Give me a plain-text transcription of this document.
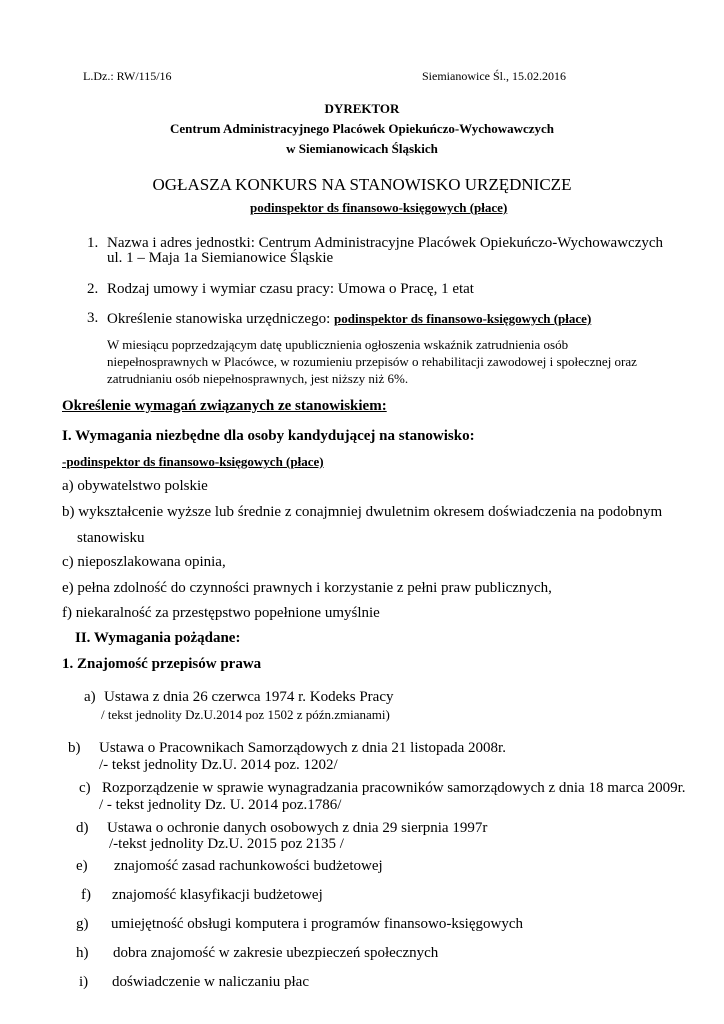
L.Dz.: RW/115/16	Siemianowice Śl., 15.02.2016
DYREKTOR
Centrum Administracyjnego Placówek Opiekuńczo-Wychowawczych
w Siemianowicach Śląskich
OGŁASZA KONKURS NA STANOWISKO URZĘDNICZE
podinspektor ds finansowo-księgowych (płace)
1. Nazwa i adres jednostki: Centrum Administracyjne Placówek Opiekuńczo-Wychowawczych
ul. 1 – Maja 1a Siemianowice Śląskie
2. Rodzaj umowy i wymiar czasu pracy: Umowa o Pracę, 1 etat
3. Określenie stanowiska urzędniczego: podinspektor ds finansowo-księgowych (płace)
W miesiącu poprzedzającym datę upublicznienia ogłoszenia wskaźnik zatrudnienia osób
niepełnosprawnych w Placówce, w rozumieniu przepisów o rehabilitacji zawodowej i społecznej oraz
zatrudnianiu osób niepełnosprawnych, jest niższy niż 6%.
Określenie wymagań związanych ze stanowiskiem:
I. Wymagania niezbędne dla osoby kandydującej na stanowisko:
-podinspektor ds finansowo-księgowych (płace)
a) obywatelstwo polskie
b) wykształcenie wyższe lub średnie z conajmniej dwuletnim okresem doświadczenia na podobnym
stanowisku
c) nieposzlakowana opinia,
e) pełna zdolność do czynności prawnych i korzystanie z pełni praw publicznych,
f) niekaralność za przestępstwo popełnione umyślnie
II. Wymagania pożądane:
1. Znajomość przepisów prawa
a) Ustawa z dnia 26 czerwca 1974 r. Kodeks Pracy
/ tekst jednolity Dz.U.2014 poz 1502 z późn.zmianami)
b) Ustawa o Pracownikach Samorządowych z dnia 21 listopada 2008r.
/- tekst jednolity Dz.U. 2014 poz. 1202/
c) Rozporządzenie w sprawie wynagradzania pracowników samorządowych z dnia 18 marca 2009r.
/ - tekst jednolity Dz. U. 2014 poz.1786/
d) Ustawa o ochronie danych osobowych z dnia 29 sierpnia 1997r
/-tekst jednolity Dz.U. 2015 poz 2135 /
e) znajomość zasad rachunkowości budżetowej
f) znajomość klasyfikacji budżetowej
g) umiejętność obsługi komputera i programów finansowo-księgowych
h) dobra znajomość w zakresie ubezpieczeń społecznych
i) doświadczenie w naliczaniu płac
